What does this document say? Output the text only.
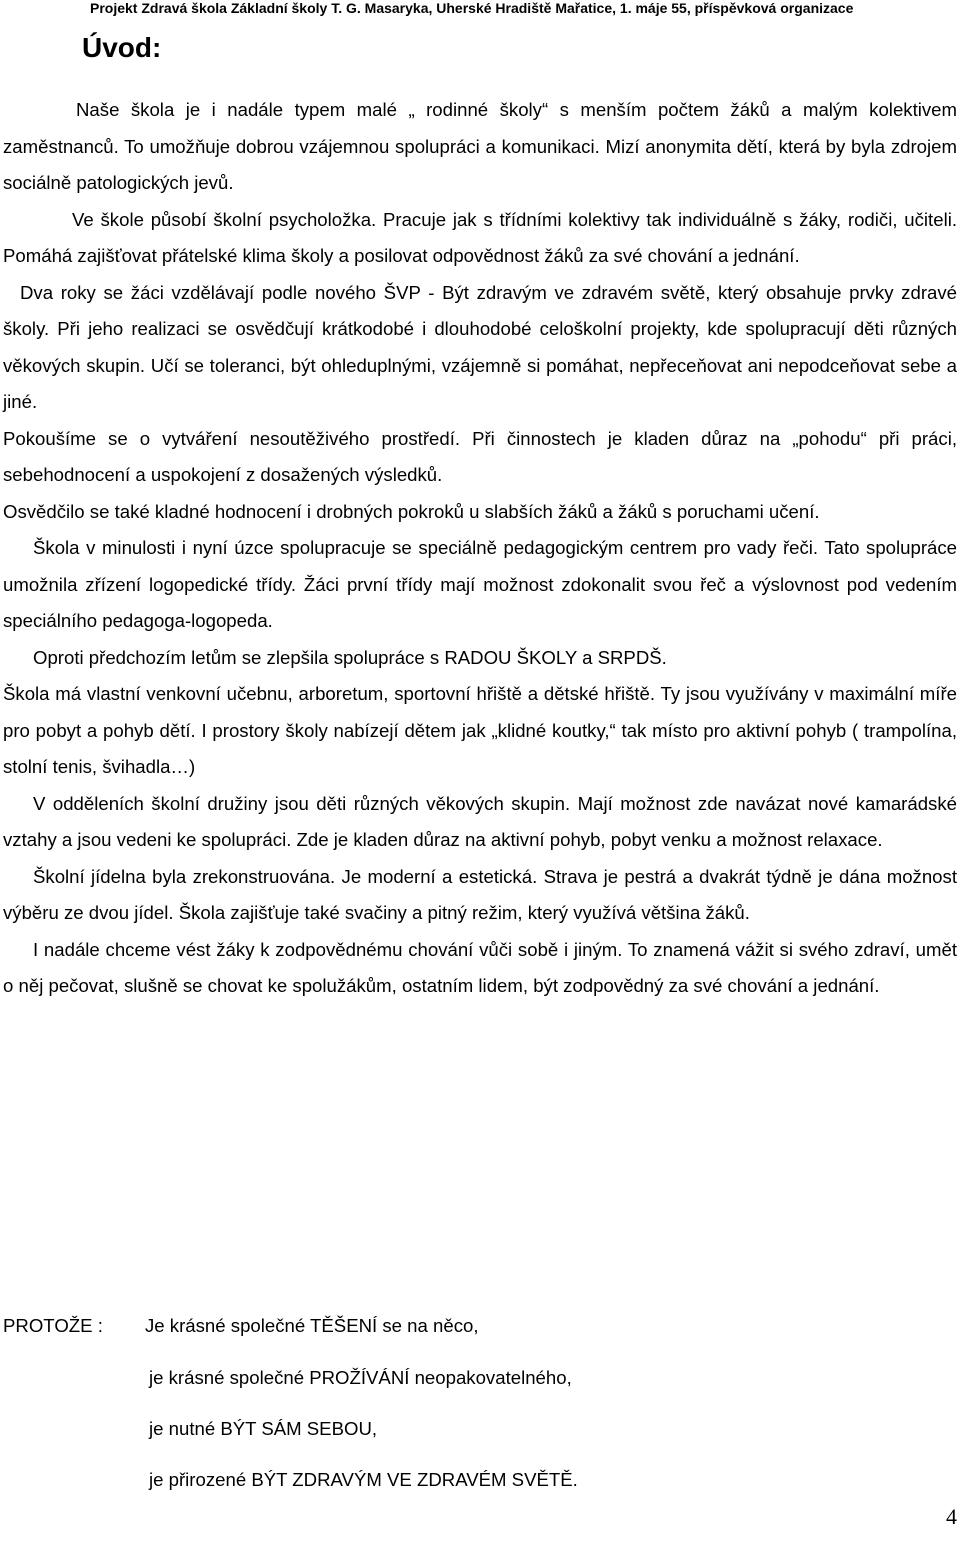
Projekt Zdravá škola Základní školy T. G. Masaryka, Uherské Hradiště Mařatice, 1. máje 55, příspěvková organizace
Úvod:

Naše škola je i nadále typem malé „ rodinné školy“ s menším počtem žáků a malým kolektivem zaměstnanců. To umožňuje dobrou vzájemnou spolupráci a komunikaci. Mizí anonymita dětí, která by byla zdrojem sociálně patologických jevů.

Ve škole působí školní psycholožka. Pracuje jak s třídními kolektivy tak individuálně s žáky, rodiči, učiteli. Pomáhá zajišťovat přátelské klima školy a posilovat odpovědnost žáků za své chování a jednání.

Dva roky se žáci vzdělávají podle nového ŠVP - Být zdravým ve zdravém světě, který obsahuje prvky zdravé školy. Při jeho realizaci se osvědčují krátkodobé i dlouhodobé celoškolní projekty, kde spolupracují děti různých věkových skupin. Učí se toleranci, být ohleduplnými, vzájemně si pomáhat, nepřeceňovat ani nepodceňovat sebe a jiné.

Pokoušíme se o vytváření nesoutěživého prostředí. Při činnostech je kladen důraz na „pohodu“ při práci, sebehodnocení a uspokojení z dosažených výsledků.

Osvědčilo se také kladné hodnocení i drobných pokroků u slabších žáků a žáků s poruchami učení.

Škola v minulosti i nyní úzce spolupracuje se speciálně pedagogickým centrem pro vady řeči. Tato spolupráce umožnila zřízení logopedické třídy. Žáci první třídy mají možnost zdokonalit svou řeč a výslovnost pod vedením speciálního pedagoga-logopeda.

Oproti předchozím letům se zlepšila spolupráce s RADOU ŠKOLY a SRPDŠ.

Škola má vlastní venkovní učebnu, arboretum, sportovní hřiště a dětské hřiště. Ty jsou využívány v maximální míře pro pobyt a pohyb dětí. I prostory školy nabízejí dětem jak „klidné koutky,“ tak místo pro aktivní pohyb ( trampolína, stolní tenis, švihadla…)

V odděleních školní družiny jsou děti různých věkových skupin. Mají možnost zde navázat nové kamarádské vztahy a jsou vedeni ke spolupráci. Zde je kladen důraz na aktivní pohyb, pobyt venku a možnost relaxace.

Školní jídelna byla zrekonstruována. Je moderní a estetická. Strava je pestrá a dvakrát týdně je dána možnost výběru ze dvou jídel. Škola zajišťuje také svačiny a pitný režim, který využívá většina žáků.

I nadále chceme vést žáky k zodpovědnému chování vůči sobě i jiným. To znamená vážit si svého zdraví, umět o něj pečovat, slušně se chovat ke spolužákům, ostatním lidem, být zodpovědný za své chování a jednání.

PROTOŽE : Je krásné společné TĚŠENÍ se na něco,
je krásné společné PROŽÍVÁNÍ neopakovatelného,
je nutné BÝT SÁM SEBOU,
je přirozené BÝT ZDRAVÝM VE ZDRAVÉM SVĚTĚ.
4
